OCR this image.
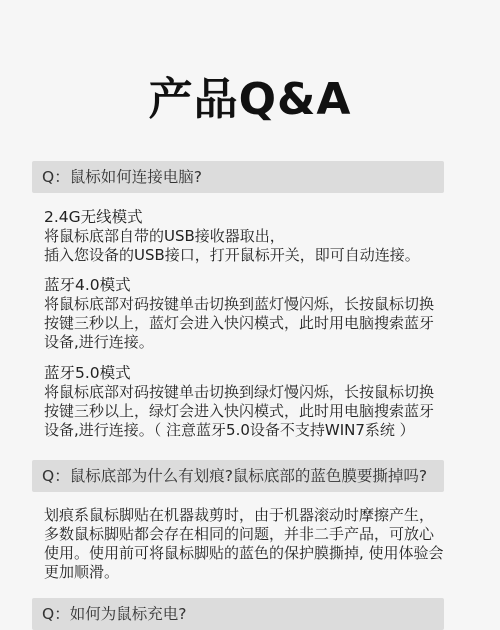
产品Q&A
Q：鼠标如何连接电脑?
2.4G无线模式
将鼠标底部自带的USB接收器取出，
插入您设备的USB接口，打开鼠标开关，即可自动连接。
蓝牙4.0模式
将鼠标底部对码按键单击切换到蓝灯慢闪烁，长按鼠标切换
按键三秒以上，蓝灯会进入快闪模式，此时用电脑搜索蓝牙
设备,进行连接。
蓝牙5.0模式
将鼠标底部对码按键单击切换到绿灯慢闪烁，长按鼠标切换
按键三秒以上，绿灯会进入快闪模式，此时用电脑搜索蓝牙
设备,进行连接。（ 注意蓝牙5.0设备不支持WIN7系统 ）
Q：鼠标底部为什么有划痕?鼠标底部的蓝色膜要撕掉吗?
划痕系鼠标脚贴在机器裁剪时，由于机器滚动时摩擦产生，
多数鼠标脚贴都会存在相同的问题，并非二手产品，可放心
使用。使用前可将鼠标脚贴的蓝色的保护膜撕掉, 使用体验会
更加顺滑。
Q：如何为鼠标充电?
